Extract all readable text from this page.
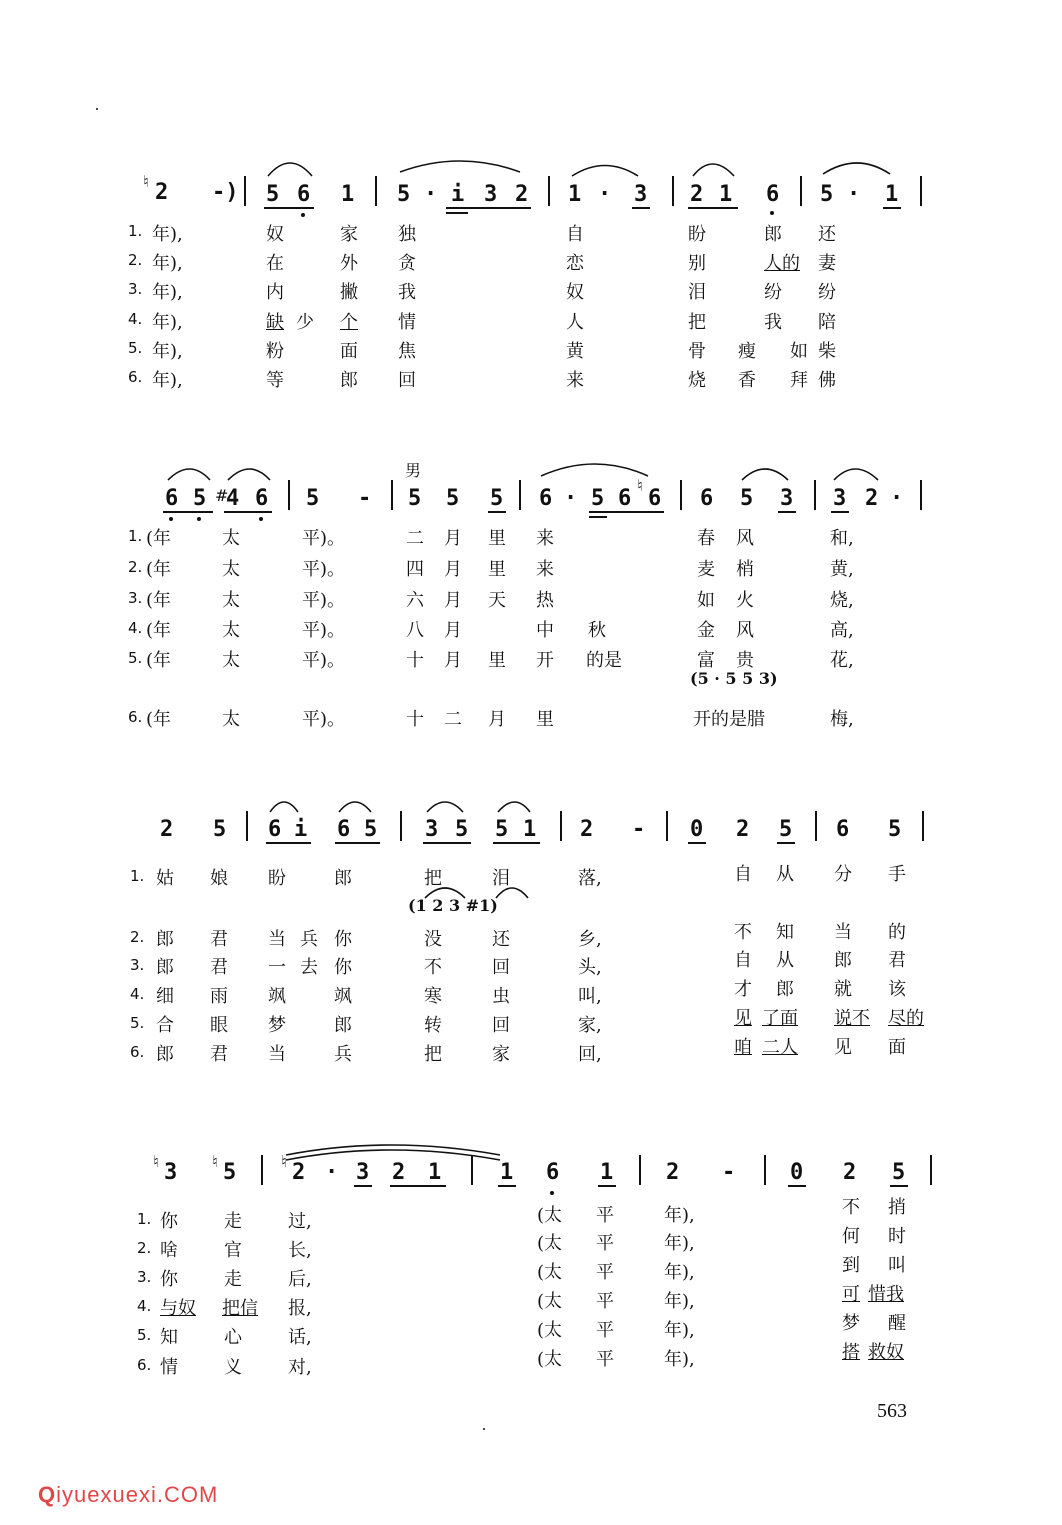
♮ 2 -) 5 6 1 5 · i 3 2 1 · 3 2 1 6 5 · 1
1. 年),	奴	家 独	自	盼	郎 还
2. 年),	在	外 贪	恋	别	人的 妻
3. 年),	内	撇 我	奴	泪	纷 纷
4. 年),	缺 少 个 情	人	把	我 陪
5. 年),	粉	面 焦	黄	骨 瘦 如 柴
6. 年),	等	郎 回	来	烧 香 拜 佛
男
6 5 #
4 6 5 - 5 5 5 6 · 5 6
♮
6 6 5 3 3 2 ·
(5 · 5 5 3)
1. (年	太	平)。	二 月 里 来	春 风	和,
2. (年	太	平)。	四 月 里 来	麦 梢	黄,
3. (年	太	平)。	六 月 天 热	如 火	烧,
4. (年	太	平)。	八 月	中 秋	金 风	高,
5. (年	太	平)。	十 月 里 开 的是	富 贵	花,
6. (年	太	平)。	十 二 月 里	开的是腊	梅,
2 5 6 i 6 5 3 5 5 1 2 - 0 2 5 6 5
(1 2 3 #1)
1. 姑 娘 盼	郎	把	泪	落,	自 从 分 手
2. 郎 君 当 兵 你	没	还	乡,	不 知 当 的
3. 郎 君 一 去 你	不	回	头,	自 从 郎 君
4. 细 雨 飒	飒	寒	虫	叫,	才 郎 就 该
5. 合 眼 梦	郎	转	回	家,	见 了面 说不 尽的
6. 郎 君 当	兵	把	家	回,	咱 二人 见 面
♮ 3 ♮ 5	♮ 2 · 3 2 1	1 6 1 2 - 0 2 5
1. 你	走	过,	(太 平	年),	不 捎
2. 啥	官	长,	(太 平	年),	何 时
3. 你	走	后,	(太 平	年),	到 叫
4. 与奴 把信 报,	(太 平	年),	可 惜我
5. 知	心	话,	(太 平	年),	梦 醒
6. 情	义	对,	(太 平	年),	搭 救奴
563
Qiyuexuexi.COM
